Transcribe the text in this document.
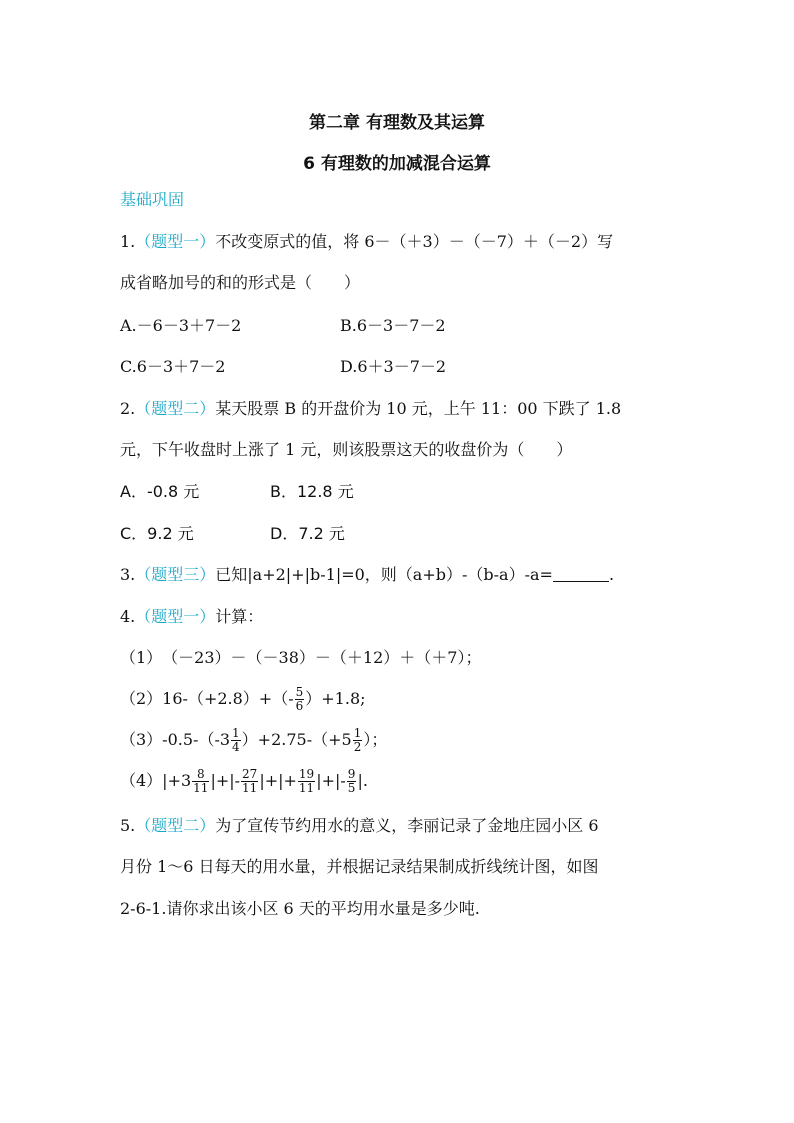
第二章 有理数及其运算
6 有理数的加减混合运算
基础巩固
1.（题型一）不改变原式的值，将 6－（＋3）－（－7）＋（－2）写
成省略加号的和的形式是（　　）
A.－6－3＋7－2	B.6－3－7－2
C.6－3＋7－2	D.6＋3－7－2
2.（题型二）某天股票 B 的开盘价为 10 元，上午 11：00 下跌了 1.8
元，下午收盘时上涨了 1 元，则该股票这天的收盘价为（　　）
A．-0.8 元	B．12.8 元
C．9.2 元	D．7.2 元
3.（题型三）已知|a+2|+|b-1|=0，则（a+b）-（b-a）-a=	.
4.（题型一）计算：
（1）　（－23）－（－38）－（＋12）＋（＋7）；
$(2)16-(+2.8)+(- \frac{5}{6} )+1.8$;
$(3)-0.5-(-3 \frac{1}{4} )+2.75-(+5 \frac{1}{2}$ ）；
$(4)|+3 \frac{8}{11}$ |+|- $\frac{27}{11}$ |+|+ $\frac{19}{11}$ |+|- $\frac{9}{5}$ |.
5.（题型二）为了宣传节约用水的意义，李丽记录了金地庄园小区 6
月份 1～6 日每天的用水量，并根据记录结果制成折线统计图，如图
2-6-1.请你求出该小区 6 天的平均用水量是多少吨.
